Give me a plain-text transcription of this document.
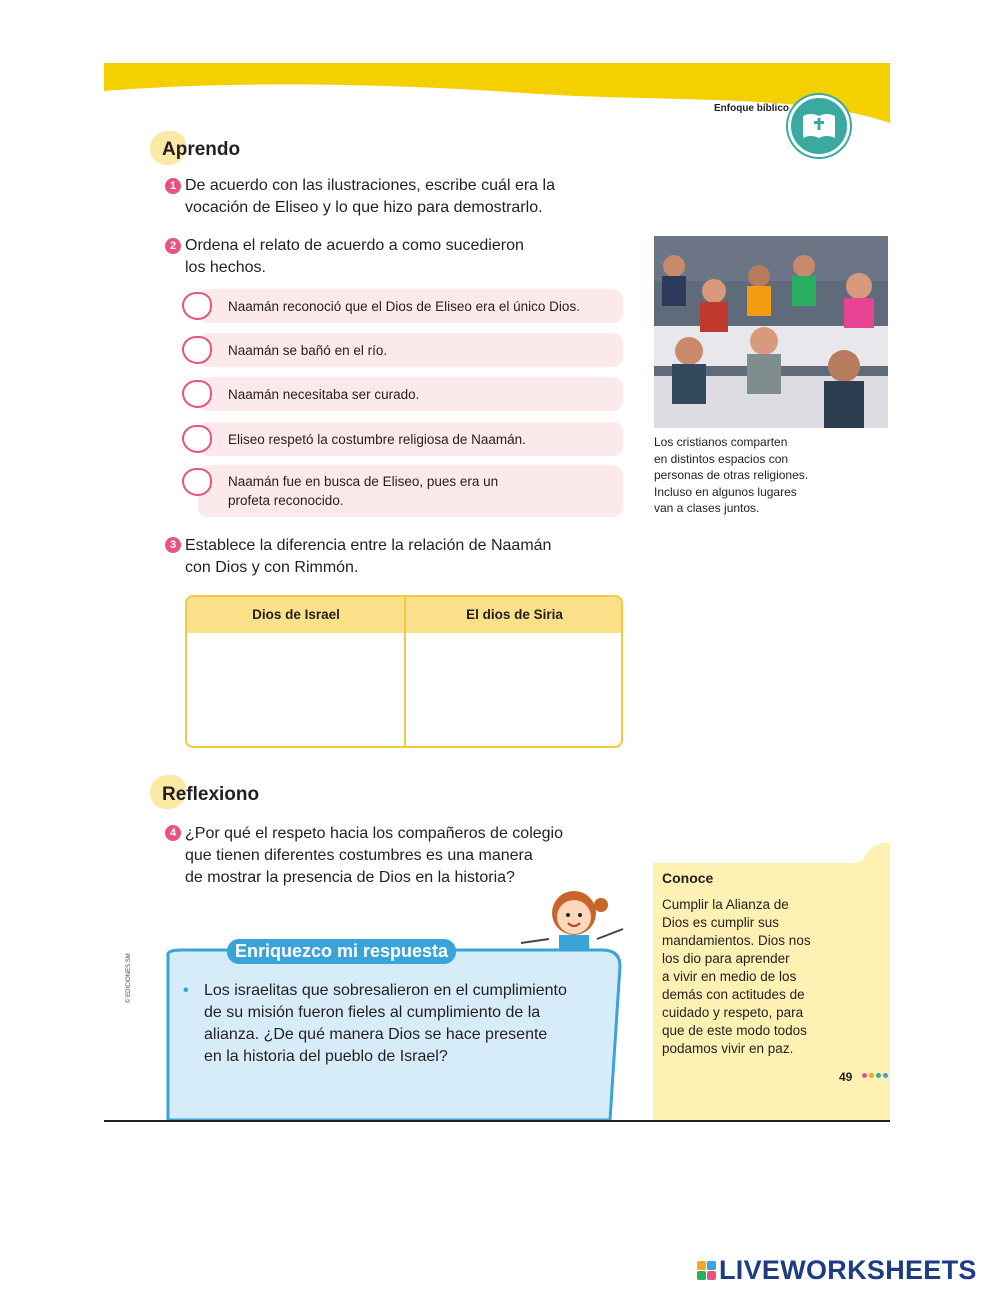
Enfoque bíblico
Aprendo
1 De acuerdo con las ilustraciones, escribe cuál era la
vocación de Eliseo y lo que hizo para demostrarlo.
2 Ordena el relato de acuerdo a como sucedieron
los hechos.
Naamán reconoció que el Dios de Eliseo era el único Dios.
Naamán se bañó en el río.
Naamán necesitaba ser curado.
Eliseo respetó la costumbre religiosa de Naamán.
Naamán fue en busca de Eliseo, pues era un
profeta reconocido.
3 Establece la diferencia entre la relación de Naamán
con Dios y con Rimmón.
Dios de Israel	El dios de Siria
Los cristianos comparten
en distintos espacios con
personas de otras religiones.
Incluso en algunos lugares
van a clases juntos.
Reflexiono
4 ¿Por qué el respeto hacia los compañeros de colegio
que tienen diferentes costumbres es una manera
de mostrar la presencia de Dios en la historia?
Enriquezco mi respuesta
• Los israelitas que sobresalieron en el cumplimiento
de su misión fueron fieles al cumplimiento de la
alianza. ¿De qué manera Dios se hace presente
en la historia del pueblo de Israel?
Conoce
Cumplir la Alianza de
Dios es cumplir sus
mandamientos. Dios nos
los dio para aprender
a vivir en medio de los
demás con actitudes de
cuidado y respeto, para
que de este modo todos
podamos vivir en paz.
49
© EDICIONES SM
LIVEWORKSHEETS
